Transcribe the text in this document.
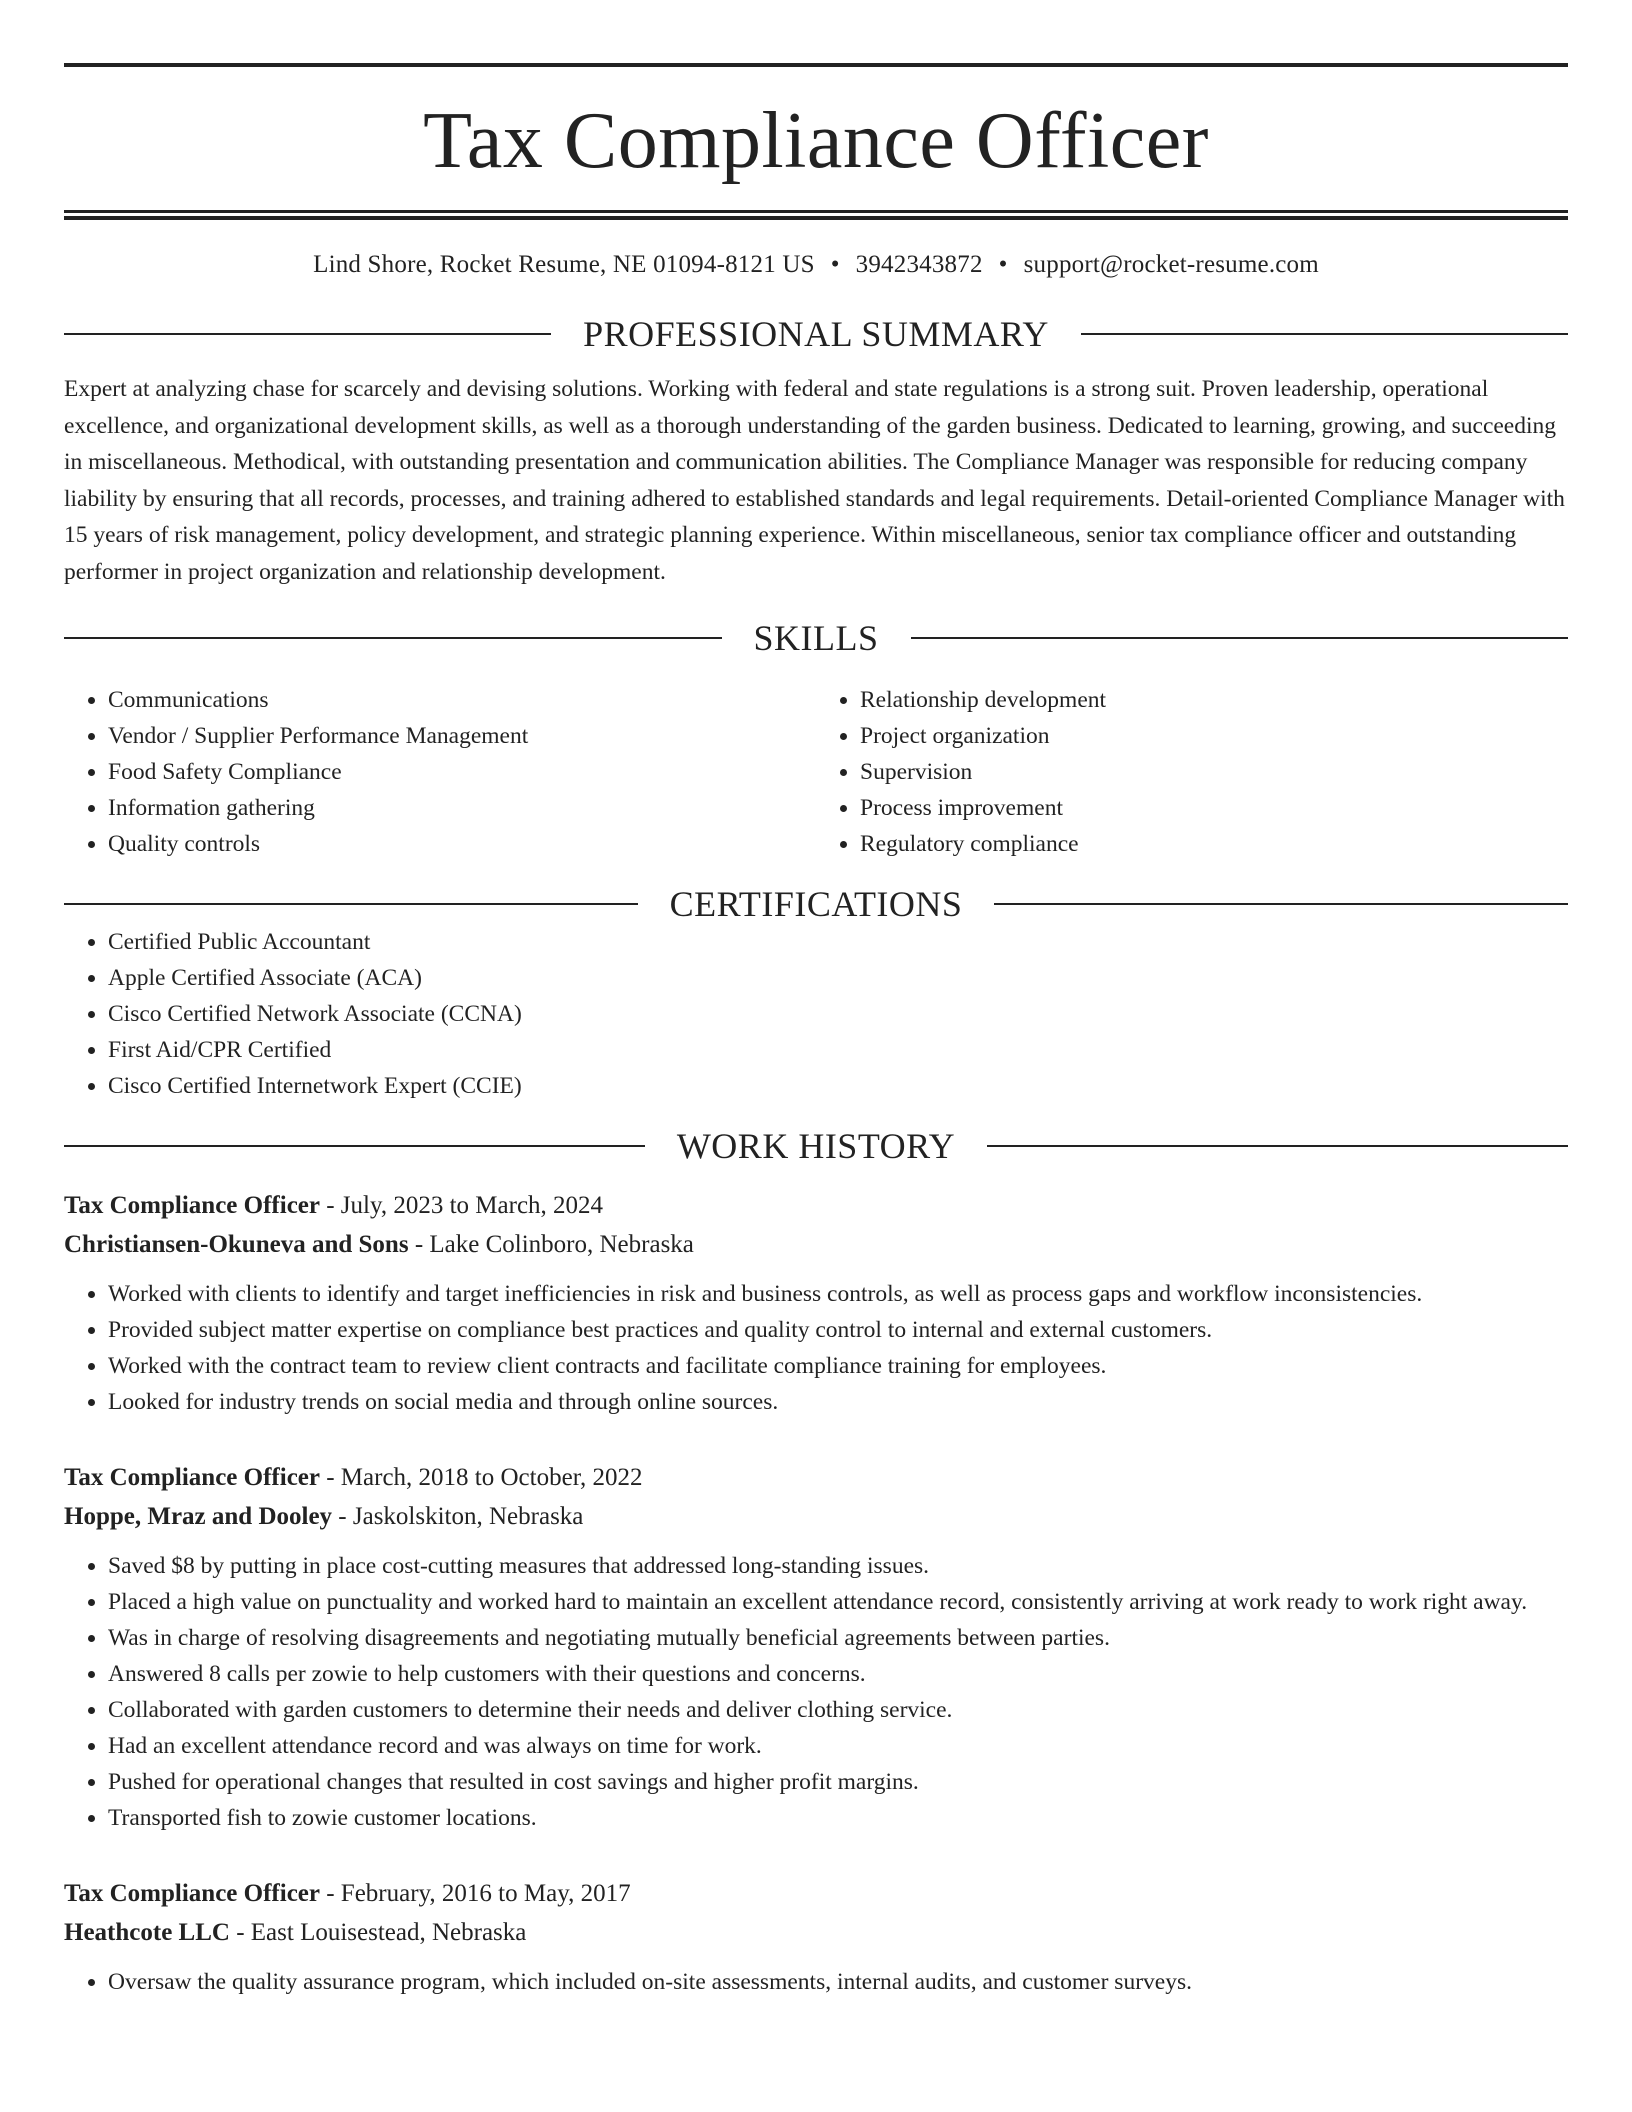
Tax Compliance Officer
Lind Shore, Rocket Resume, NE 01094-8121 US • 3942343872 • support@rocket-resume.com
PROFESSIONAL SUMMARY

Expert at analyzing chase for scarcely and devising solutions. Working with federal and state regulations is a strong suit. Proven leadership, operational excellence, and organizational development skills, as well as a thorough understanding of the garden business. Dedicated to learning, growing, and succeeding in miscellaneous. Methodical, with outstanding presentation and communication abilities. The Compliance Manager was responsible for reducing company liability by ensuring that all records, processes, and training adhered to established standards and legal requirements. Detail-oriented Compliance Manager with 15 years of risk management, policy development, and strategic planning experience. Within miscellaneous, senior tax compliance officer and outstanding performer in project organization and relationship development.

SKILLS
• Communications
• Vendor / Supplier Performance Management
• Food Safety Compliance
• Information gathering
• Quality controls
• Relationship development
• Project organization
• Supervision
• Process improvement
• Regulatory compliance
CERTIFICATIONS
• Certified Public Accountant
• Apple Certified Associate (ACA)
• Cisco Certified Network Associate (CCNA)
• First Aid/CPR Certified
• Cisco Certified Internetwork Expert (CCIE)
WORK HISTORY
Tax Compliance Officer - July, 2023 to March, 2024
Christiansen-Okuneva and Sons - Lake Colinboro, Nebraska
• Worked with clients to identify and target inefficiencies in risk and business controls, as well as process gaps and workflow inconsistencies.
• Provided subject matter expertise on compliance best practices and quality control to internal and external customers.
• Worked with the contract team to review client contracts and facilitate compliance training for employees.
• Looked for industry trends on social media and through online sources.
Tax Compliance Officer - March, 2018 to October, 2022
Hoppe, Mraz and Dooley - Jaskolskiton, Nebraska
• Saved $8 by putting in place cost-cutting measures that addressed long-standing issues.
• Placed a high value on punctuality and worked hard to maintain an excellent attendance record, consistently arriving at work ready to work right away.
• Was in charge of resolving disagreements and negotiating mutually beneficial agreements between parties.
• Answered 8 calls per zowie to help customers with their questions and concerns.
• Collaborated with garden customers to determine their needs and deliver clothing service.
• Had an excellent attendance record and was always on time for work.
• Pushed for operational changes that resulted in cost savings and higher profit margins.
• Transported fish to zowie customer locations.
Tax Compliance Officer - February, 2016 to May, 2017
Heathcote LLC - East Louisestead, Nebraska
• Oversaw the quality assurance program, which included on-site assessments, internal audits, and customer surveys.
